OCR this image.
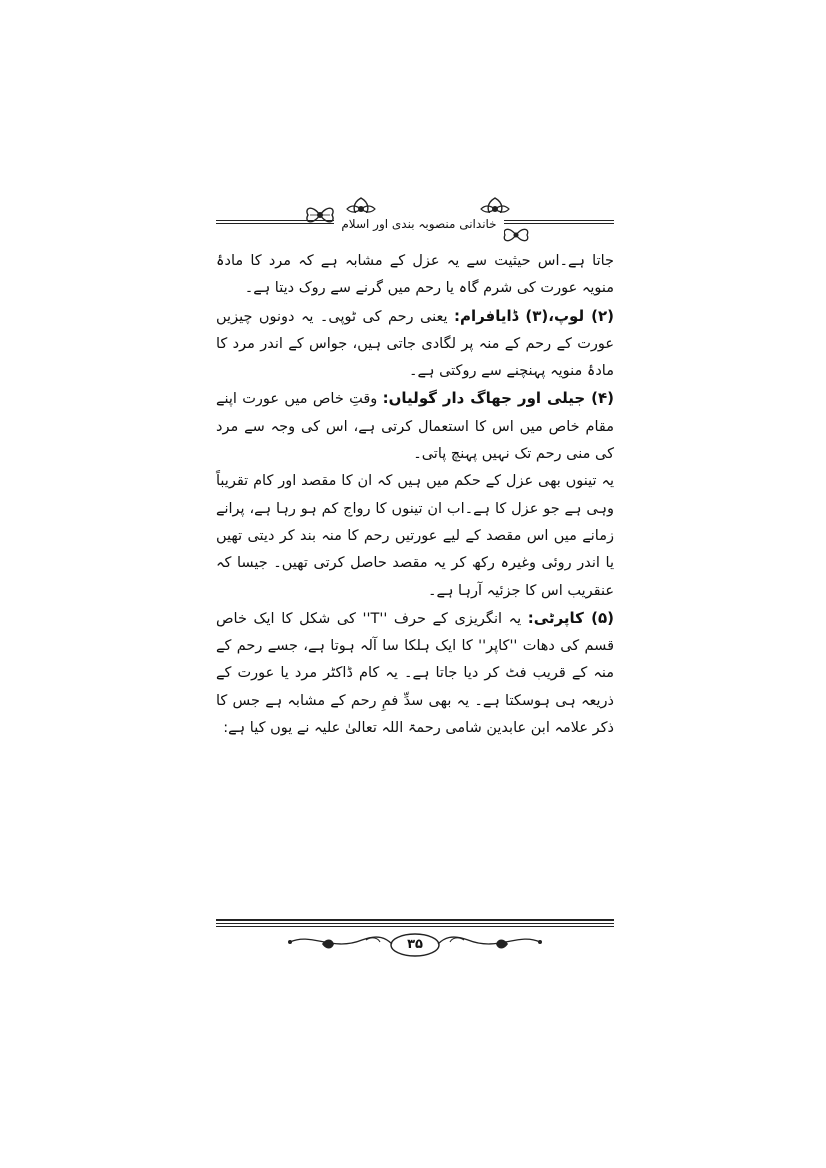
خاندانی منصوبہ بندی اور اسلام

جاتا ہے۔اس حیثیت سے یہ عزل کے مشابہ ہے کہ مرد کا مادۂ منویہ عورت کی شرم گاہ یا رحم میں گرنے سے روک دیتا ہے۔

(۲) لوپ،(۳) ڈایافرام: یعنی رحم کی ٹوپی۔ یہ دونوں چیزیں عورت کے رحم کے منہ پر لگادی جاتی ہیں، جواس کے اندر مرد کا مادۂ منویہ پہنچنے سے روکتی ہے۔

(۴) جیلی اور جھاگ دار گولیاں: وقتِ خاص میں عورت اپنے مقام خاص میں اس کا استعمال کرتی ہے، اس کی وجہ سے مرد کی منی رحم تک نہیں پہنچ پاتی۔

یہ تینوں بھی عزل کے حکم میں ہیں کہ ان کا مقصد اور کام تقریباً وہی ہے جو عزل کا ہے۔اب ان تینوں کا رواج کم ہو رہا ہے، پرانے زمانے میں اس مقصد کے لیے عورتیں رحم کا منہ بند کر دیتی تھیں یا اندر روئی وغیرہ رکھ کر یہ مقصد حاصل کرتی تھیں۔ جیسا کہ عنقریب اس کا جزئیہ آرہا ہے۔

(۵) کاپرٹی: یہ انگریزی کے حرف ''T'' کی شکل کا ایک خاص قسم کی دھات ''کاپر'' کا ایک ہلکا سا آلہ ہوتا ہے، جسے رحم کے منہ کے قریب فٹ کر دیا جاتا ہے۔ یہ کام ڈاکٹر مرد یا عورت کے ذریعہ ہی ہوسکتا ہے۔ یہ بھی سدِّ فمِ رحم کے مشابہ ہے جس کا ذکر علامہ ابن عابدین شامی رحمۃ اللہ تعالیٰ علیہ نے یوں کیا ہے:

۳۵
